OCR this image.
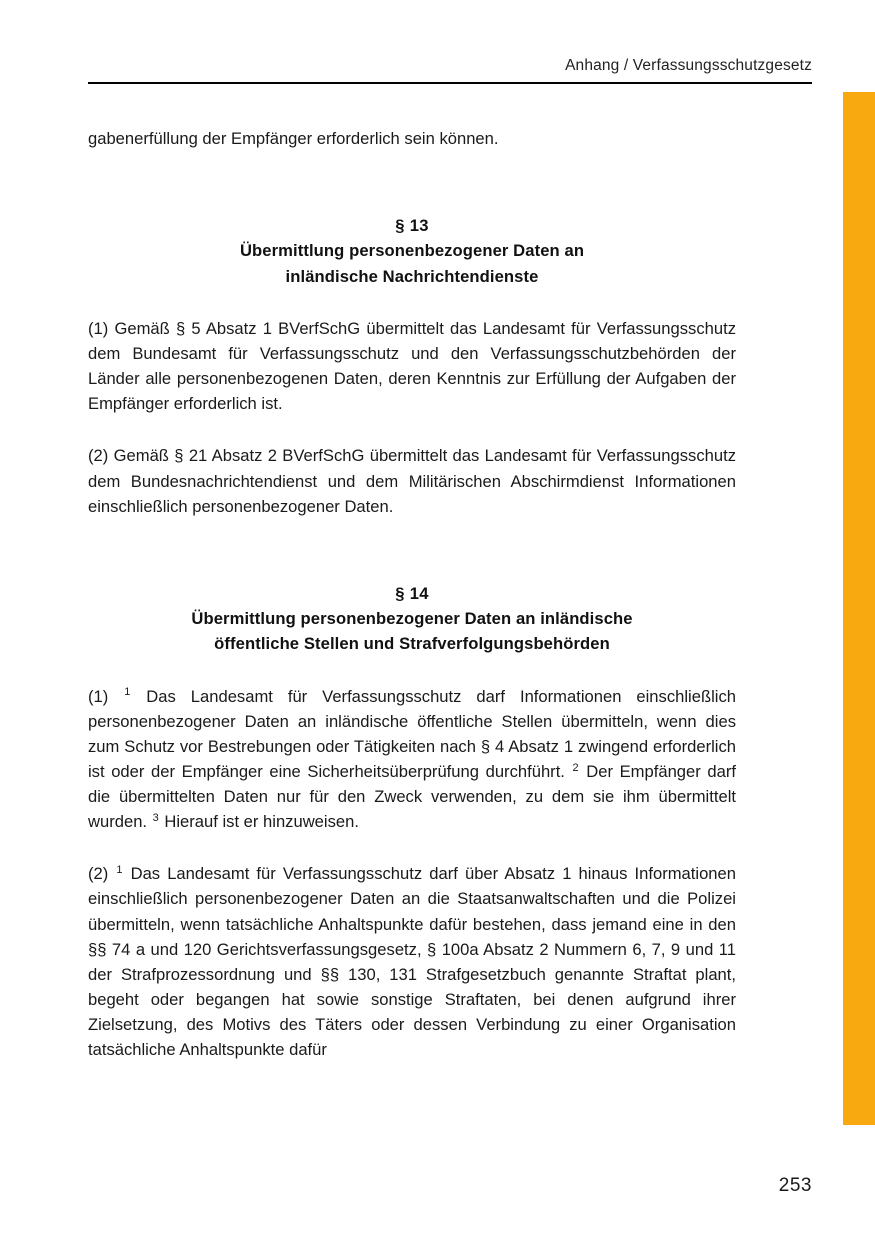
Anhang / Verfassungsschutzgesetz

gabenerfüllung der Empfänger erforderlich sein können.

§ 13
Übermittlung personenbezogener Daten an
inländische Nachrichtendienste

(1) Gemäß § 5 Absatz 1 BVerfSchG übermittelt das Landesamt für Verfassungsschutz dem Bundesamt für Verfassungsschutz und den Verfassungsschutzbehörden der Länder alle personenbezogenen Daten, deren Kenntnis zur Erfüllung der Aufgaben der Empfänger erforderlich ist.

(2) Gemäß § 21 Absatz 2 BVerfSchG übermittelt das Landesamt für Verfassungsschutz dem Bundesnachrichtendienst und dem Militärischen Abschirmdienst Informationen einschließlich personenbezogener Daten.

§ 14
Übermittlung personenbezogener Daten an inländische
öffentliche Stellen und Strafverfolgungsbehörden

(1) $^1$ Das Landesamt für Verfassungsschutz darf Informationen einschließlich personenbezogener Daten an inländische öffentliche Stellen übermitteln, wenn dies zum Schutz vor Bestrebungen oder Tätigkeiten nach § 4 Absatz 1 zwingend erforderlich ist oder der Empfänger eine Sicherheitsüberprüfung durchführt. $^2$ Der Empfänger darf die übermittelten Daten nur für den Zweck verwenden, zu dem sie ihm übermittelt wurden. $^3$ Hierauf ist er hinzuweisen.

(2) $^1$ Das Landesamt für Verfassungsschutz darf über Absatz 1 hinaus Informationen einschließlich personenbezogener Daten an die Staatsanwaltschaften und die Polizei übermitteln, wenn tatsächliche Anhaltspunkte dafür bestehen, dass jemand eine in den §§ 74 a und 120 Gerichtsverfassungsgesetz, § 100a Absatz 2 Nummern 6, 7, 9 und 11 der Strafprozessordnung und §§ 130, 131 Strafgesetzbuch genannte Straftat plant, begeht oder begangen hat sowie sonstige Straftaten, bei denen aufgrund ihrer Zielsetzung, des Motivs des Täters oder dessen Verbindung zu einer Organisation tatsächliche Anhaltspunkte dafür

253
